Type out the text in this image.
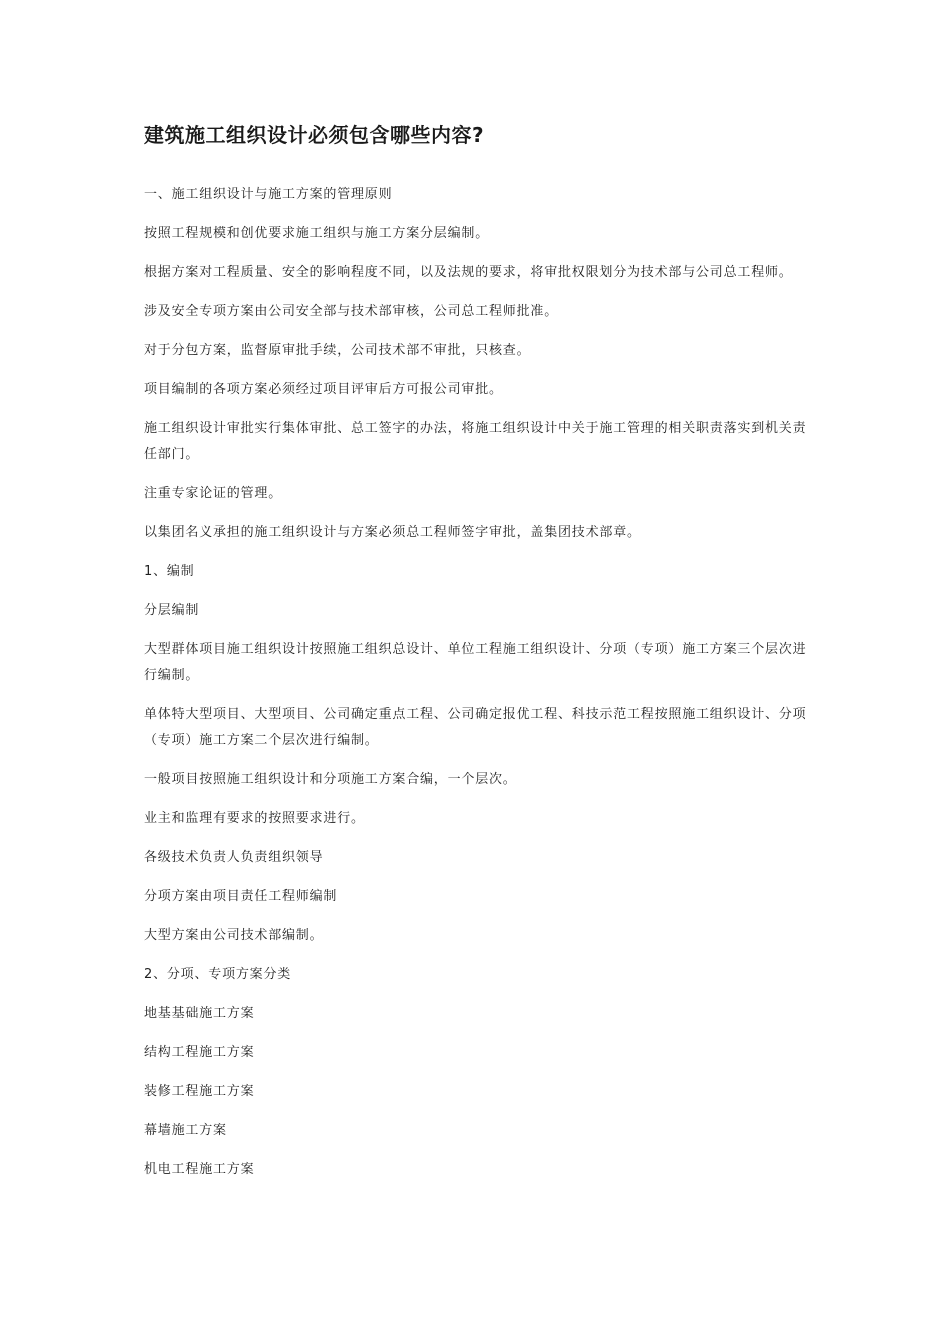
建筑施工组织设计必须包含哪些内容?

一、施工组织设计与施工方案的管理原则

按照工程规模和创优要求施工组织与施工方案分层编制。

根据方案对工程质量、安全的影响程度不同，以及法规的要求，将审批权限划分为技术部与公司总工程师。

涉及安全专项方案由公司安全部与技术部审核，公司总工程师批准。

对于分包方案，监督原审批手续，公司技术部不审批，只核查。

项目编制的各项方案必须经过项目评审后方可报公司审批。

施工组织设计审批实行集体审批、总工签字的办法，将施工组织设计中关于施工管理的相关职责落实到机关责任部门。

注重专家论证的管理。

以集团名义承担的施工组织设计与方案必须总工程师签字审批，盖集团技术部章。

1、编制

分层编制

大型群体项目施工组织设计按照施工组织总设计、单位工程施工组织设计、分项（专项）施工方案三个层次进行编制。

单体特大型项目、大型项目、公司确定重点工程、公司确定报优工程、科技示范工程按照施工组织设计、分项（专项）施工方案二个层次进行编制。

一般项目按照施工组织设计和分项施工方案合编，一个层次。

业主和监理有要求的按照要求进行。

各级技术负责人负责组织领导

分项方案由项目责任工程师编制

大型方案由公司技术部编制。

2、分项、专项方案分类

地基基础施工方案

结构工程施工方案

装修工程施工方案

幕墙施工方案

机电工程施工方案
